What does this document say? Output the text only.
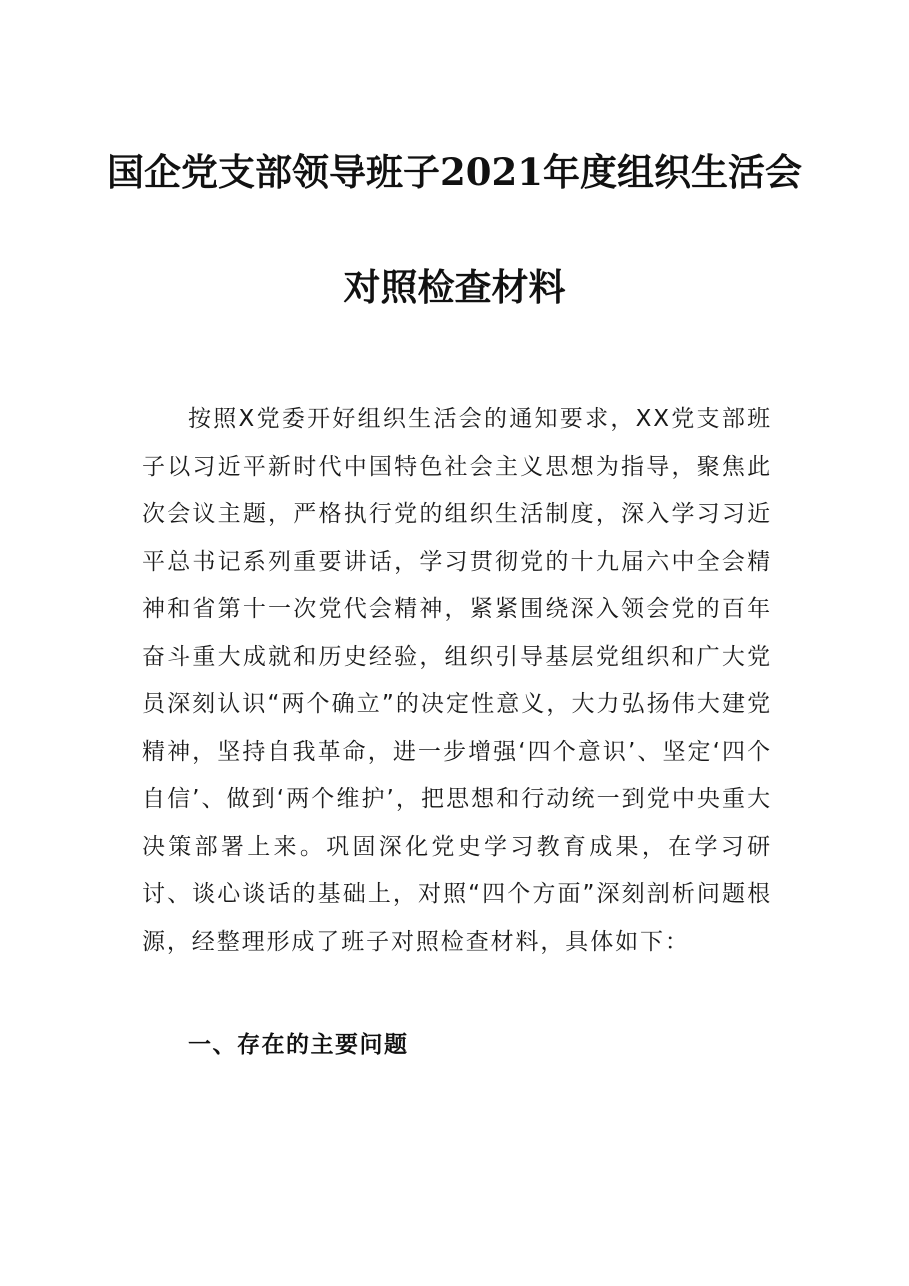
国企党支部领导班子2021年度组织生活会
对照检查材料

按照X党委开好组织生活会的通知要求，XX党支部班子以习近平新时代中国特色社会主义思想为指导，聚焦此次会议主题，严格执行党的组织生活制度，深入学习习近平总书记系列重要讲话，学习贯彻党的十九届六中全会精神和省第十一次党代会精神，紧紧围绕深入领会党的百年奋斗重大成就和历史经验，组织引导基层党组织和广大党员深刻认识“两个确立”的决定性意义，大力弘扬伟大建党精神，坚持自我革命，进一步增强‘四个意识’、坚定‘四个自信’、做到‘两个维护’，把思想和行动统一到党中央重大决策部署上来。巩固深化党史学习教育成果，在学习研讨、谈心谈话的基础上，对照“四个方面”深刻剖析问题根源，经整理形成了班子对照检查材料，具体如下：

一、存在的主要问题
